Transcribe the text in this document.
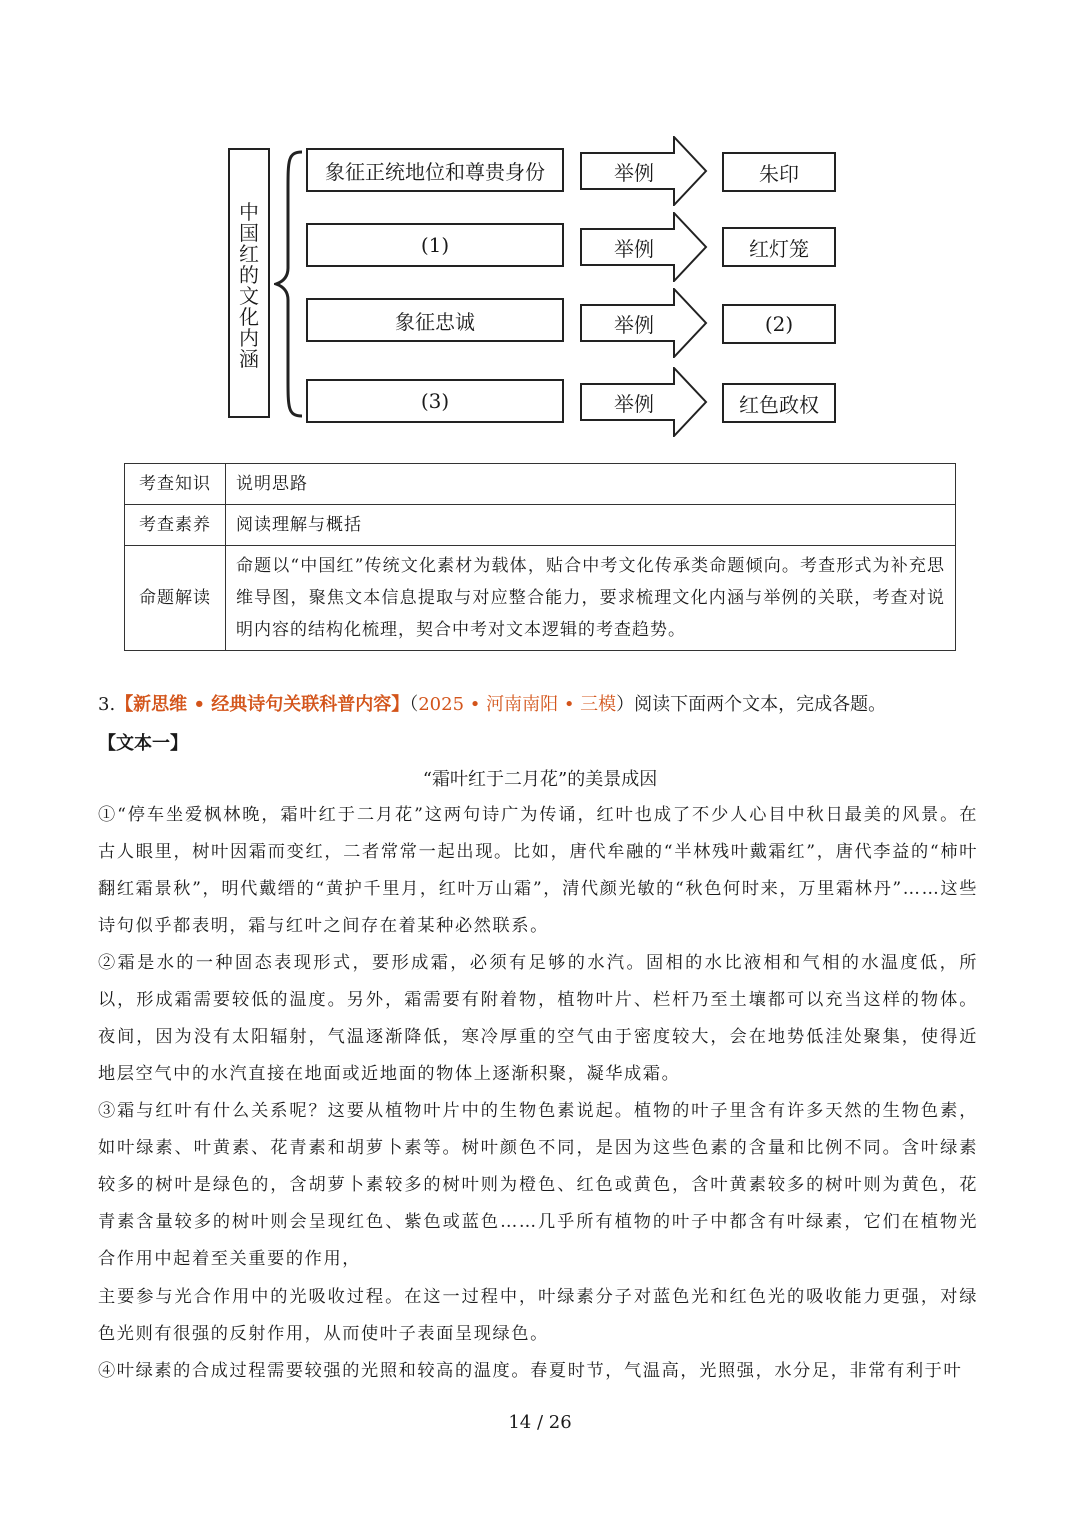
中国红的文化内涵
象征正统地位和尊贵身份	举例	朱印
(1)	举例	红灯笼
象征忠诚	举例	(2)
(3)	举例	红色政权
考查知识	说明思路
考查素养	阅读理解与概括
命题解读	命题以“中国红”传统文化素材为载体，贴合中考文化传承类命题倾向。考查形式为补充思维导图，聚焦文本信息提取与对应整合能力，要求梳理文化内涵与举例的关联，考查对说明内容的结构化梳理，契合中考对文本逻辑的考查趋势。
3.【新思维 • 经典诗句关联科普内容】（2025 • 河南南阳 • 三模）阅读下面两个文本，完成各题。
【文本一】
“霜叶红于二月花”的美景成因
①“停车坐爱枫林晚，霜叶红于二月花”这两句诗广为传诵，红叶也成了不少人心目中秋日最美的风景。在古人眼里，树叶因霜而变红，二者常常一起出现。比如，唐代牟融的“半林残叶戴霜红”，唐代李益的“柿叶翻红霜景秋”，明代戴缙的“黄护千里月，红叶万山霜”，清代颜光敏的“秋色何时来，万里霜林丹”……这些诗句似乎都表明，霜与红叶之间存在着某种必然联系。
②霜是水的一种固态表现形式，要形成霜，必须有足够的水汽。固相的水比液相和气相的水温度低，所以，形成霜需要较低的温度。另外，霜需要有附着物，植物叶片、栏杆乃至土壤都可以充当这样的物体。夜间，因为没有太阳辐射，气温逐渐降低，寒冷厚重的空气由于密度较大，会在地势低洼处聚集，使得近地层空气中的水汽直接在地面或近地面的物体上逐渐积聚，凝华成霜。
③霜与红叶有什么关系呢？这要从植物叶片中的生物色素说起。植物的叶子里含有许多天然的生物色素，如叶绿素、叶黄素、花青素和胡萝卜素等。树叶颜色不同，是因为这些色素的含量和比例不同。含叶绿素较多的树叶是绿色的，含胡萝卜素较多的树叶则为橙色、红色或黄色，含叶黄素较多的树叶则为黄色，花青素含量较多的树叶则会呈现红色、紫色或蓝色……几乎所有植物的叶子中都含有叶绿素，它们在植物光合作用中起着至关重要的作用，
主要参与光合作用中的光吸收过程。在这一过程中，叶绿素分子对蓝色光和红色光的吸收能力更强，对绿色光则有很强的反射作用，从而使叶子表面呈现绿色。
④叶绿素的合成过程需要较强的光照和较高的温度。春夏时节，气温高，光照强，水分足，非常有利于叶
14 / 26
